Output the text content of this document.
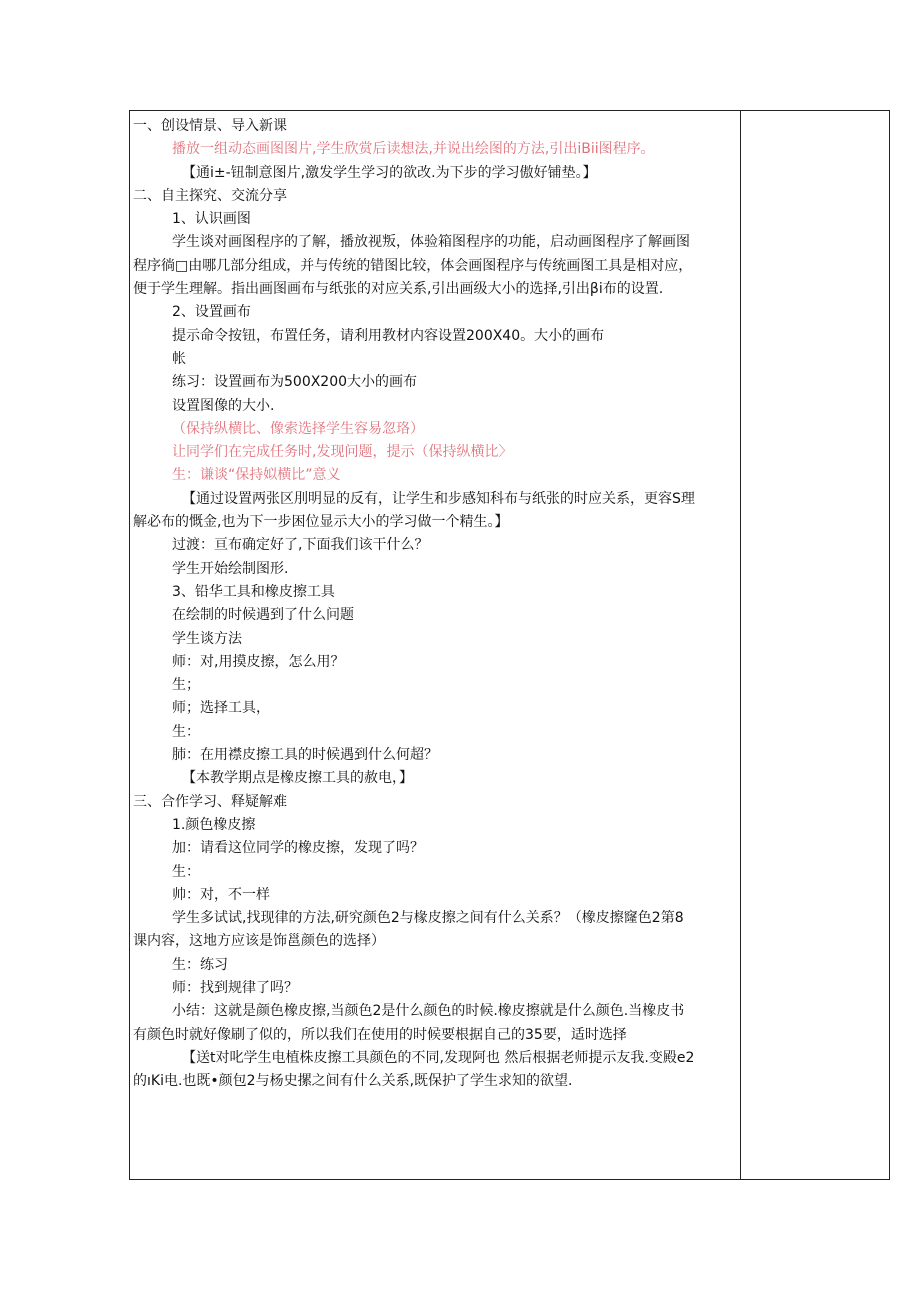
一、创设情景、导入新课
播放一组动态画图图片,学生欣赏后读想法,并说出绘图的方法,引出iBii图程序。
【通i±-钮制意图片,激发学生学习的欲改.为下步的学习傲好铺垫。】
二、自主探究、交流分享
1、认识画图
学生谈对画图程序的了解，播放视叛，体验箱图程序的功能，启动画图程序了解画图
程序徜□由哪几部分组成，并与传统的错图比较，体会画图程序与传统画图工具是相对应，
便于学生理解。指出画图画布与纸张的对应关系,引出画级大小的选择,引出βi布的设置.
2、设置画布
提示命令按钮，布置任务，请利用教材内容设置200X40。大小的画布
帐
练习：设置画布为500X200大小的画布
设置图像的大小.
（保持纵横比、像索选择学生容易忽珞）
让同学们在完成任务时,发现问题，提示（保持纵横比〉
生：谦谈“保持姒横比”意义
【通过设置两张区刖明显的反有，让学生和步感知科布与纸张的时应关系，更容S理
解必布的慨金,也为下一步困位显示大小的学习做一个精生。】
过渡：亘布确定好了,下面我们该干什么？
学生开始绘制图形.
3、铅华工具和橡皮擦工具
在绘制的时候遇到了什么问题
学生谈方法
师：对,用摸皮擦，怎么用？
生；
师；选择工具，
生：
肺：在用襟皮擦工具的时候遇到什么何超？
【本教学期点是橡皮擦工具的赦电，】
三、合作学习、释疑解难
1.颜色橡皮擦
加：请看这位同学的橡皮擦，发现了吗？
生：
帅：对，不一样
学生多试试,找现律的方法,研究颜色2与椽皮擦之间有什么关系？（橡皮擦窿色2第8
课内容，这地方应该是饰邕颜色的选择）
生：练习
师：找到规律了吗？
小结：这就是颜色橡皮擦,当颜色2是什么颜色的时候.橡皮擦就是什么颜色.当橡皮书
有颜色时就好像刷了似的，所以我们在使用的时候要根据自己的35要，适时选择
【送t对叱学生电植株皮擦工具颜色的不同,发现阿也 然后根据老师提示友我.变殿e2
的ıKi电.也既•颜包2与杨史摞之间有什么关系,既保护了学生求知的欲望.
